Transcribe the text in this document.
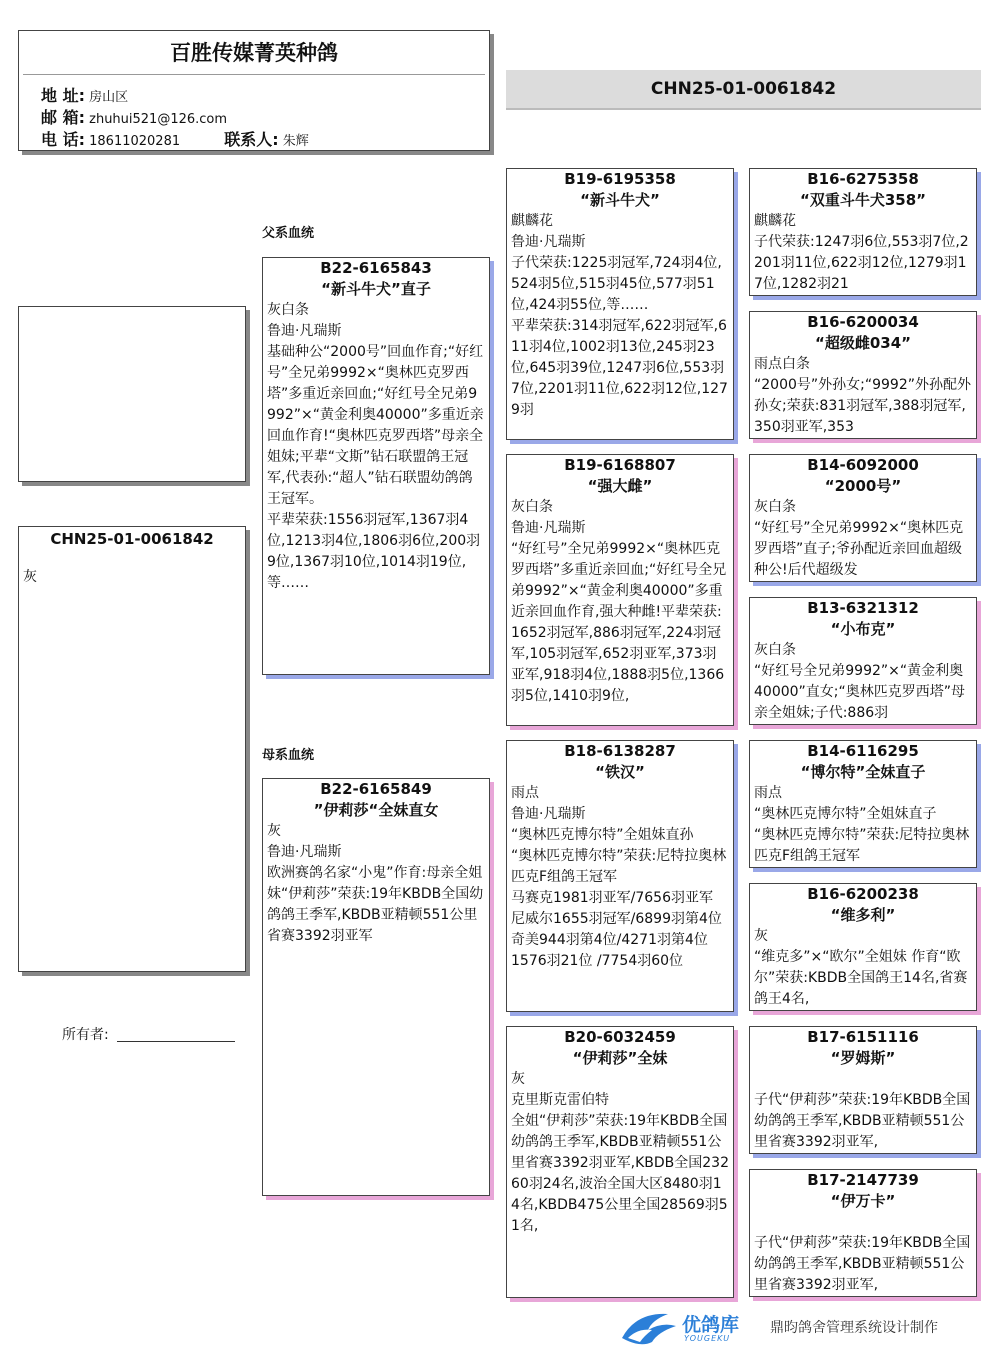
百胜传媒菁英种鸽
地 址: 房山区
邮 箱: zhuhui521@126.com
电 话: 18611020281	联系人: 朱辉
CHN25-01-0061842
CHN25-01-0061842
灰
所有者:
父系血统
母系血统
B22-6165843
“新斗牛犬”直子
灰白条
鲁迪·凡瑞斯
基础种公“2000号”回血作育;“好红号”全兄弟9992×“奥林匹克罗西塔”多重近亲回血;“好红号全兄弟9992”×“黄金利奥40000”多重近亲回血作育!“奥林匹克罗西塔”母亲全姐妹;平辈“文斯”钻石联盟鸽王冠军,代表孙:“超人”钻石联盟幼鸽鸽王冠军。
平辈荣获:1556羽冠军,1367羽4位,1213羽4位,1806羽6位,200羽9位,1367羽10位,1014羽19位,等……
B22-6165849
”伊莉莎“全妹直女
灰
鲁迪·凡瑞斯
欧洲赛鸽名家“小鬼”作育:母亲全姐妹“伊莉莎”荣获:19年KBDB全国幼鸽鸽王季军,KBDB亚精顿551公里省赛3392羽亚军
B19-6195358
“新斗牛犬”
麒麟花
鲁迪·凡瑞斯
子代荣获:1225羽冠军,724羽4位,524羽5位,515羽45位,577羽51位,424羽55位,等……
平辈荣获:314羽冠军,622羽冠军,611羽4位,1002羽13位,245羽23位,645羽39位,1247羽6位,553羽7位,2201羽11位,622羽12位,1279羽
B19-6168807
“强大雌”
灰白条
鲁迪·凡瑞斯
“好红号”全兄弟9992×“奥林匹克罗西塔”多重近亲回血;“好红号全兄弟9992”×“黄金利奥40000”多重近亲回血作育,强大种雌!平辈荣获:1652羽冠军,886羽冠军,224羽冠军,105羽冠军,652羽亚军,373羽亚军,918羽4位,1888羽5位,1366羽5位,1410羽9位,
B18-6138287
“铁汉”
雨点
鲁迪·凡瑞斯
“奥林匹克博尔特”全姐妹直孙
“奥林匹克博尔特”荣获:尼特拉奥林匹克F组鸽王冠军
马赛克1981羽亚军/7656羽亚军
尼威尔1655羽冠军/6899羽第4位
奇美944羽第4位/4271羽第4位
1576羽21位 /7754羽60位
B20-6032459
“伊莉莎”全妹
灰
克里斯克雷伯特
全姐“伊莉莎”荣获:19年KBDB全国幼鸽鸽王季军,KBDB亚精顿551公里省赛3392羽亚军,KBDB全国23260羽24名,波治全国大区8480羽14名,KBDB475公里全国28569羽51名,
B16-6275358
“双重斗牛犬358”
麒麟花
子代荣获:1247羽6位,553羽7位,2201羽11位,622羽12位,1279羽17位,1282羽21
B16-6200034
“超级雌034”
雨点白条
“2000号”外孙女;“9992”外孙配外孙女;荣获:831羽冠军,388羽冠军,350羽亚军,353
B14-6092000
“2000号”
灰白条
“好红号”全兄弟9992×“奥林匹克罗西塔”直子;爷孙配近亲回血超级种公!后代超级发
B13-6321312
“小布克”
灰白条
“好红号全兄弟9992”×“黄金利奥40000”直女;“奥林匹克罗西塔”母亲全姐妹;子代:886羽
B14-6116295
“博尔特”全妹直子
雨点
“奥林匹克博尔特”全姐妹直子
“奥林匹克博尔特”荣获:尼特拉奥林匹克F组鸽王冠军
B16-6200238
“维多利”
灰
“维克多”×“欧尔”全姐妹 作育“欧尔”荣获:KBDB全国鸽王14名,省赛鸽王4名,
B17-6151116
“罗姆斯”
子代“伊莉莎”荣获:19年KBDB全国幼鸽鸽王季军,KBDB亚精顿551公里省赛3392羽亚军,
B17-2147739
“伊万卡”
子代“伊莉莎”荣获:19年KBDB全国幼鸽鸽王季军,KBDB亚精顿551公里省赛3392羽亚军,
优鸽库
YOUGEKU
鼎昀鸽舍管理系统设计制作
